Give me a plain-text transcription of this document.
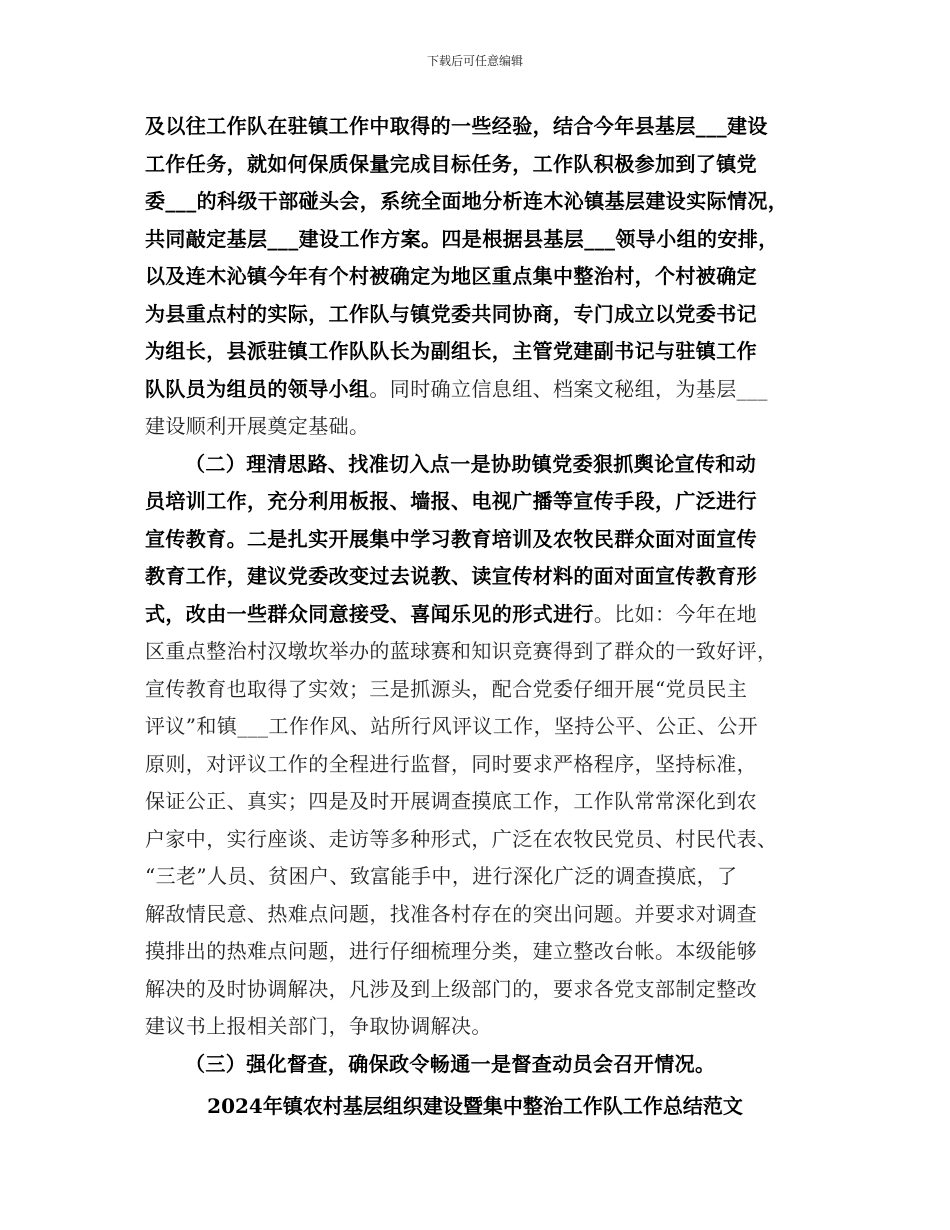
下载后可任意编辑
及以往工作队在驻镇工作中取得的一些经验，结合今年县基层___建设
工作任务，就如何保质保量完成目标任务，工作队积极参加到了镇党
委___的科级干部碰头会，系统全面地分析连木沁镇基层建设实际情况，
共同敲定基层___建设工作方案。四是根据县基层___领导小组的安排，
以及连木沁镇今年有个村被确定为地区重点集中整治村，个村被确定
为县重点村的实际，工作队与镇党委共同协商，专门成立以党委书记
为组长，县派驻镇工作队队长为副组长，主管党建副书记与驻镇工作
队队员为组员的领导小组。同时确立信息组、档案文秘组，为基层___
建设顺利开展奠定基础。
（二）理清思路、找准切入点一是协助镇党委狠抓舆论宣传和动
员培训工作，充分利用板报、墙报、电视广播等宣传手段，广泛进行
宣传教育。二是扎实开展集中学习教育培训及农牧民群众面对面宣传
教育工作，建议党委改变过去说教、读宣传材料的面对面宣传教育形
式，改由一些群众同意接受、喜闻乐见的形式进行。比如：今年在地
区重点整治村汉墩坎举办的蓝球赛和知识竞赛得到了群众的一致好评，
宣传教育也取得了实效；三是抓源头，配合党委仔细开展“党员民主
评议”和镇___工作作风、站所行风评议工作，坚持公平、公正、公开
原则，对评议工作的全程进行监督，同时要求严格程序，坚持标准，
保证公正、真实；四是及时开展调查摸底工作，工作队常常深化到农
户家中，实行座谈、走访等多种形式，广泛在农牧民党员、村民代表、
“三老”人员、贫困户、致富能手中，进行深化广泛的调查摸底，了
解敌情民意、热难点问题，找准各村存在的突出问题。并要求对调查
摸排出的热难点问题，进行仔细梳理分类，建立整改台帐。本级能够
解决的及时协调解决，凡涉及到上级部门的，要求各党支部制定整改
建议书上报相关部门，争取协调解决。
（三）强化督查，确保政令畅通一是督查动员会召开情况。
2024年镇农村基层组织建设暨集中整治工作队工作总结范文
